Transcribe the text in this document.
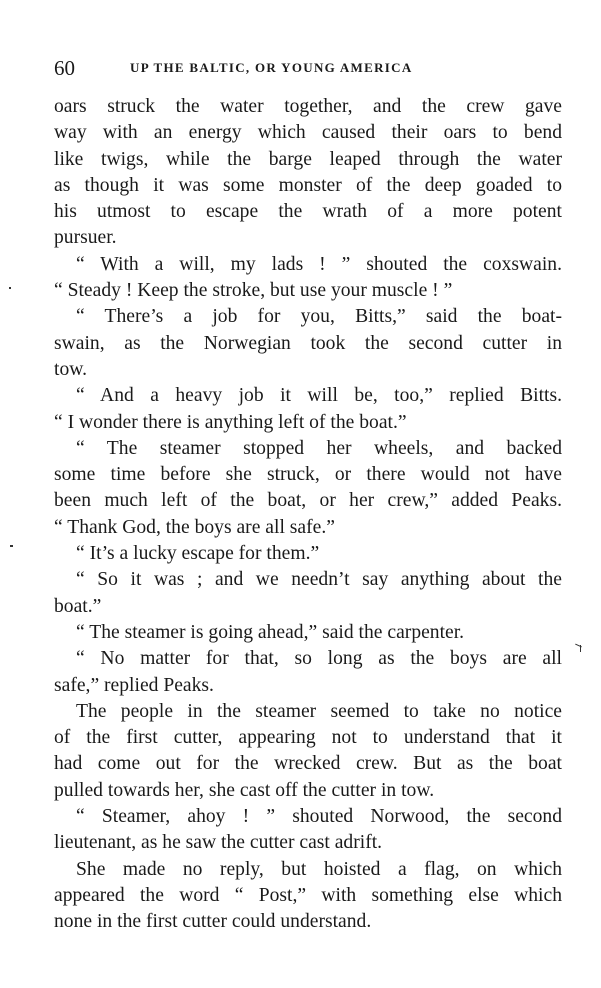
60	UP THE BALTIC, OR YOUNG AMERICA
oars struck the water together, and the crew gave
way with an energy which caused their oars to bend
like twigs, while the barge leaped through the water
as though it was some monster of the deep goaded to
his utmost to escape the wrath of a more potent
pursuer.
“ With a will, my lads ! ” shouted the coxswain.
“ Steady ! Keep the stroke, but use your muscle ! ”
“ There’s a job for you, Bitts,” said the boat-
swain, as the Norwegian took the second cutter in
tow.
“ And a heavy job it will be, too,” replied Bitts.
“ I wonder there is anything left of the boat.”
“ The steamer stopped her wheels, and backed
some time before she struck, or there would not have
been much left of the boat, or her crew,” added Peaks.
“ Thank God, the boys are all safe.”
“ It’s a lucky escape for them.”
“ So it was ; and we needn’t say anything about the
boat.”
“ The steamer is going ahead,” said the carpenter.
“ No matter for that, so long as the boys are all
safe,” replied Peaks.
The people in the steamer seemed to take no notice
of the first cutter, appearing not to understand that it
had come out for the wrecked crew. But as the boat
pulled towards her, she cast off the cutter in tow.
“ Steamer, ahoy ! ” shouted Norwood, the second
lieutenant, as he saw the cutter cast adrift.
She made no reply, but hoisted a flag, on which
appeared the word “ Post,” with something else which
none in the first cutter could understand.
